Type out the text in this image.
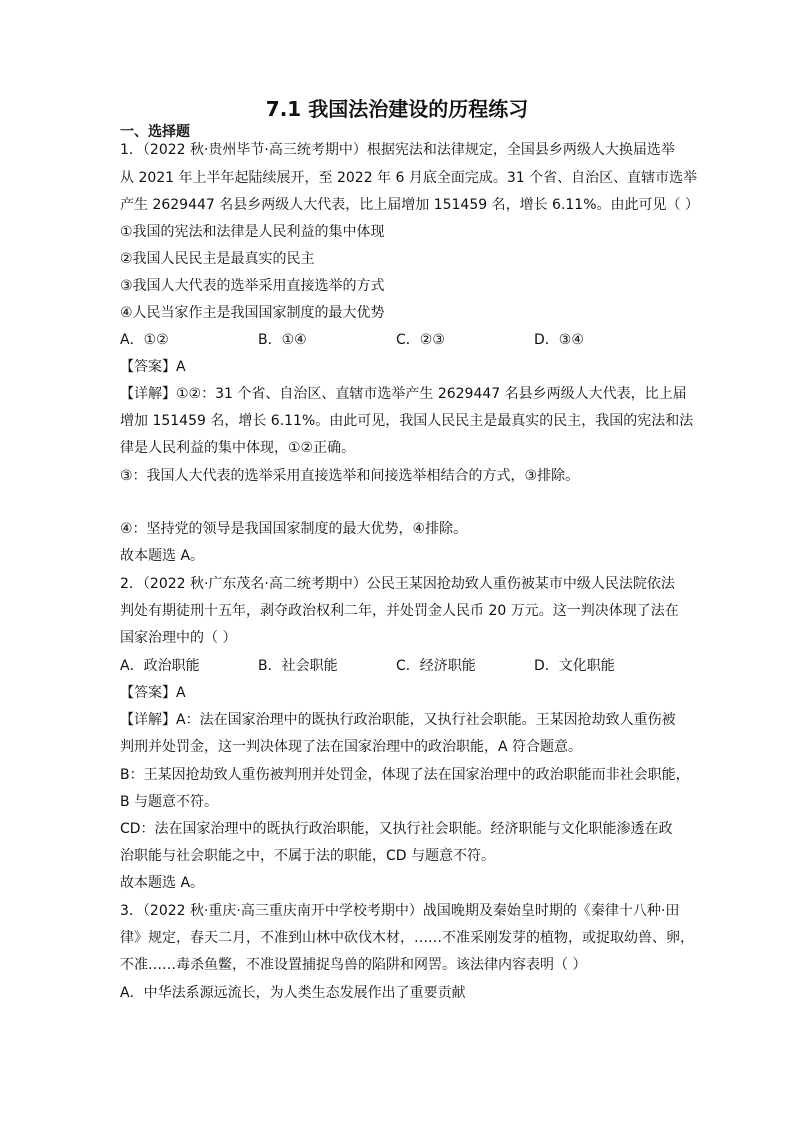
7.1 我国法治建设的历程练习
一、选择题
1．（2022 秋·贵州毕节·高三统考期中）根据宪法和法律规定，全国县乡两级人大换届选举
从 2021 年上半年起陆续展开，至 2022 年 6 月底全面完成。31 个省、自治区、直辖市选举
产生 2629447 名县乡两级人大代表，比上届增加 151459 名，增长 6.11%。由此可见（ ）
①我国的宪法和法律是人民利益的集中体现
②我国人民民主是最真实的民主
③我国人大代表的选举采用直接选举的方式
④人民当家作主是我国国家制度的最大优势
A．①②	B．①④	C．②③	D．③④
【答案】A
【详解】①②：31 个省、自治区、直辖市选举产生 2629447 名县乡两级人大代表，比上届
增加 151459 名，增长 6.11%。由此可见，我国人民民主是最真实的民主，我国的宪法和法
律是人民利益的集中体现，①②正确。
③：我国人大代表的选举采用直接选举和间接选举相结合的方式，③排除。
④：坚持党的领导是我国国家制度的最大优势，④排除。
故本题选 A。
2．（2022 秋·广东茂名·高二统考期中）公民王某因抢劫致人重伤被某市中级人民法院依法
判处有期徒刑十五年，剥夺政治权利二年，并处罚金人民币 20 万元。这一判决体现了法在
国家治理中的（ ）
A．政治职能	B．社会职能	C．经济职能	D．文化职能
【答案】A
【详解】A：法在国家治理中的既执行政治职能，又执行社会职能。王某因抢劫致人重伤被
判刑并处罚金，这一判决体现了法在国家治理中的政治职能，A 符合题意。
B：王某因抢劫致人重伤被判刑并处罚金，体现了法在国家治理中的政治职能而非社会职能，
B 与题意不符。
CD：法在国家治理中的既执行政治职能，又执行社会职能。经济职能与文化职能渗透在政
治职能与社会职能之中，不属于法的职能，CD 与题意不符。
故本题选 A。
3．（2022 秋·重庆·高三重庆南开中学校考期中）战国晚期及秦始皇时期的《秦律十八种·田
律》规定，春天二月，不准到山林中砍伐木材，……不准采刚发芽的植物，或捉取幼兽、卵，
不准……毒杀鱼鳖，不准设置捕捉鸟兽的陷阱和网罟。该法律内容表明（ ）
A．中华法系源远流长，为人类生态发展作出了重要贡献
